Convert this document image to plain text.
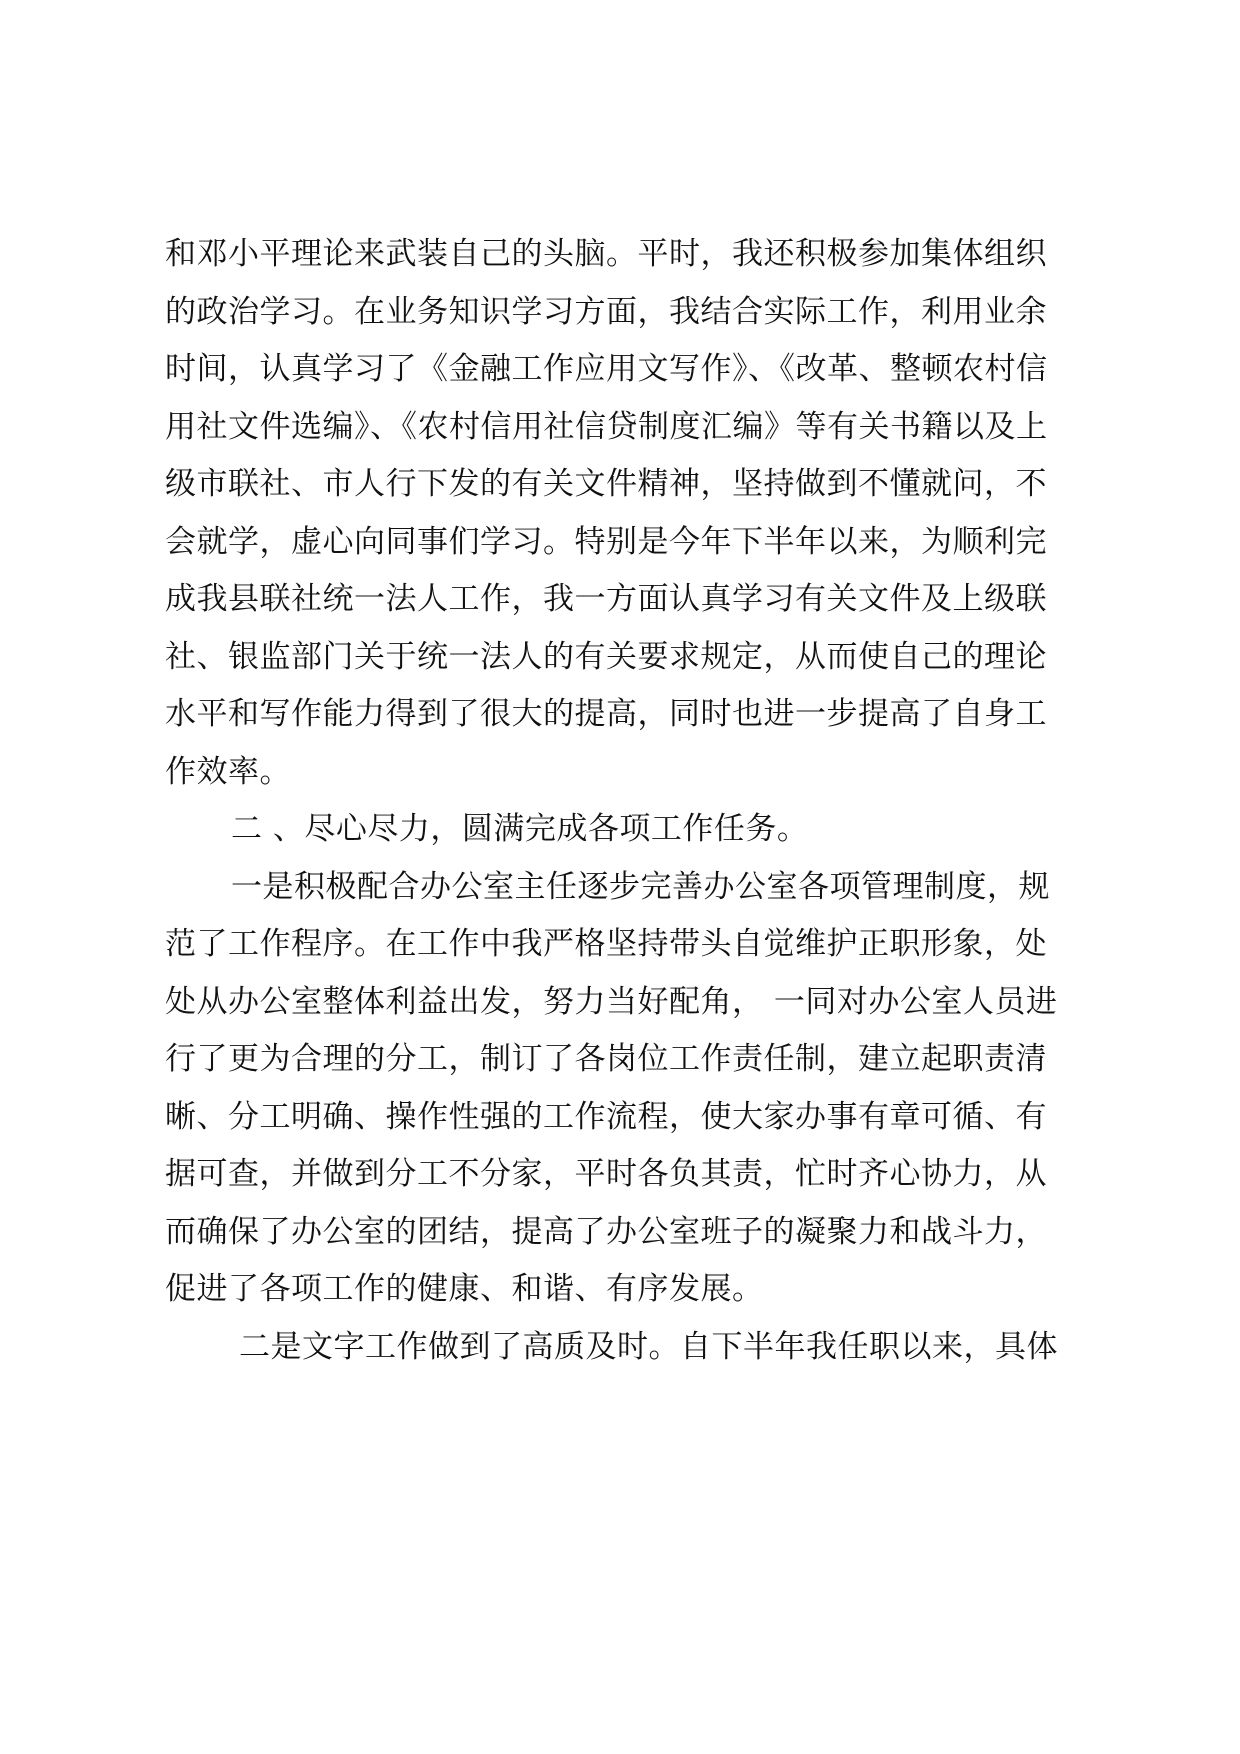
和邓小平理论来武装自己的头脑。平时，我还积极参加集体组织
的政治学习。在业务知识学习方面，我结合实际工作，利用业余
时间，认真学习了《金融工作应用文写作》、《改革、整顿农村信
用社文件选编》、《农村信用社信贷制度汇编》等有关书籍以及上
级市联社、市人行下发的有关文件精神，坚持做到不懂就问，不
会就学，虚心向同事们学习。特别是今年下半年以来，为顺利完
成我县联社统一法人工作，我一方面认真学习有关文件及上级联
社、银监部门关于统一法人的有关要求规定，从而使自己的理论
水平和写作能力得到了很大的提高，同时也进一步提高了自身工
作效率。
二 、尽心尽力，圆满完成各项工作任务。
一是积极配合办公室主任逐步完善办公室各项管理制度，规
范了工作程序。在工作中我严格坚持带头自觉维护正职形象，处
处从办公室整体利益出发，努力当好配角， 一同对办公室人员进
行了更为合理的分工，制订了各岗位工作责任制，建立起职责清
晰、分工明确、操作性强的工作流程，使大家办事有章可循、有
据可查，并做到分工不分家，平时各负其责，忙时齐心协力，从
而确保了办公室的团结，提高了办公室班子的凝聚力和战斗力，
促进了各项工作的健康、和谐、有序发展。
二是文字工作做到了高质及时。自下半年我任职以来，具体
